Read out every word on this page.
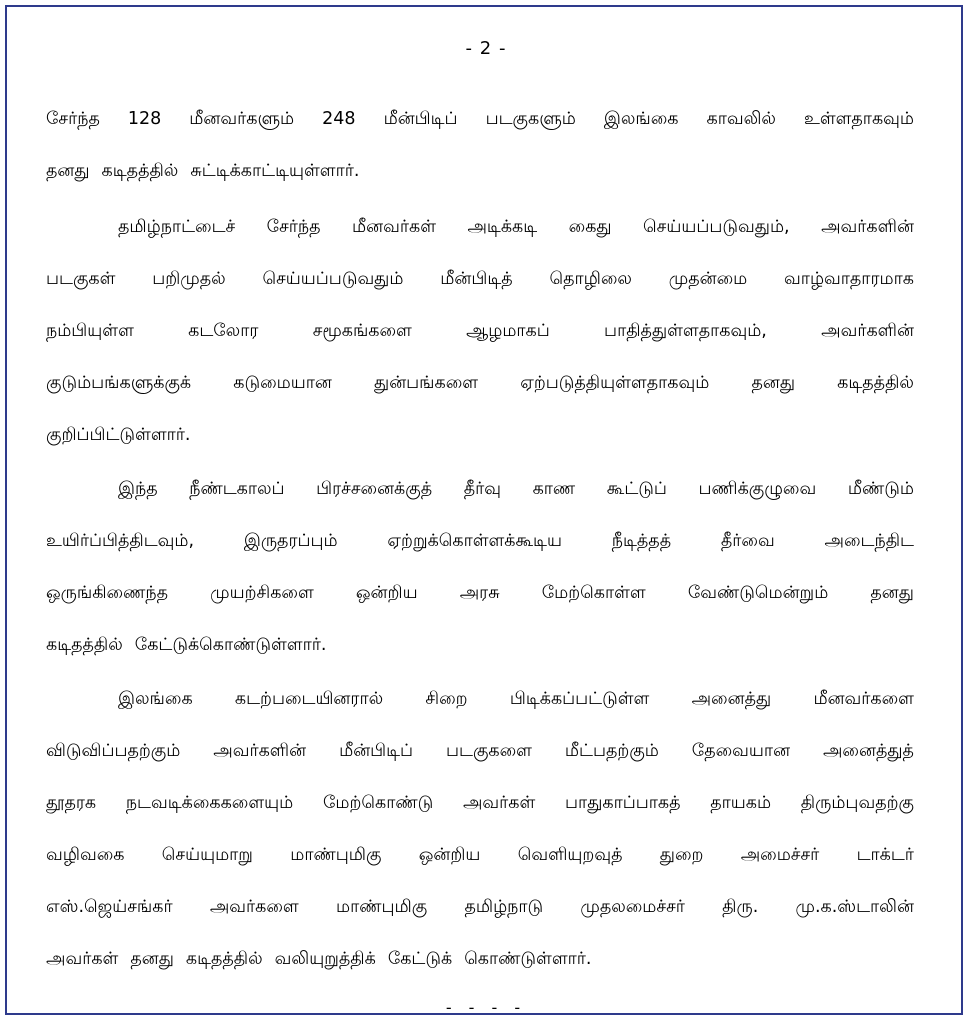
- 2 -
சேர்ந்த 128 மீனவர்களும் 248 மீன்பிடிப் படகுகளும் இலங்கை காவலில் உள்ளதாகவும்
தனது கடிதத்தில் சுட்டிக்காட்டியுள்ளார்.
தமிழ்நாட்டைச் சேர்ந்த மீனவர்கள் அடிக்கடி கைது செய்யப்படுவதும், அவர்களின்
படகுகள் பறிமுதல் செய்யப்படுவதும் மீன்பிடித் தொழிலை முதன்மை வாழ்வாதாரமாக
நம்பியுள்ள	கடலோர	சமூகங்களை	ஆழமாகப்	பாதித்துள்ளதாகவும்,	அவர்களின்
குடும்பங்களுக்குக் கடுமையான துன்பங்களை ஏற்படுத்தியுள்ளதாகவும் தனது கடிதத்தில்
குறிப்பிட்டுள்ளார்.
இந்த நீண்டகாலப் பிரச்சனைக்குத் தீர்வு காண கூட்டுப் பணிக்குழுவை மீண்டும்
உயிர்ப்பித்திடவும்,	இருதரப்பும்	ஏற்றுக்கொள்ளக்கூடிய	நீடித்தத்	தீர்வை	அடைந்திட
ஒருங்கிணைந்த முயற்சிகளை ஒன்றிய அரசு மேற்கொள்ள வேண்டுமென்றும் தனது
கடிதத்தில் கேட்டுக்கொண்டுள்ளார்.
இலங்கை கடற்படையினரால் சிறை பிடிக்கப்பட்டுள்ள அனைத்து மீனவர்களை
விடுவிப்பதற்கும் அவர்களின் மீன்பிடிப் படகுகளை மீட்பதற்கும் தேவையான அனைத்துத்
தூதரக நடவடிக்கைகளையும் மேற்கொண்டு அவர்கள் பாதுகாப்பாகத் தாயகம் திரும்புவதற்கு
வழிவகை செய்யுமாறு மாண்புமிகு ஒன்றிய வெளியுறவுத் துறை அமைச்சர் டாக்டர்
எஸ்.ஜெய்சங்கர் அவர்களை மாண்புமிகு தமிழ்நாடு முதலமைச்சர் திரு. மு.க.ஸ்டாலின்
அவர்கள் தனது கடிதத்தில் வலியுறுத்திக் கேட்டுக் கொண்டுள்ளார்.
- - - -
